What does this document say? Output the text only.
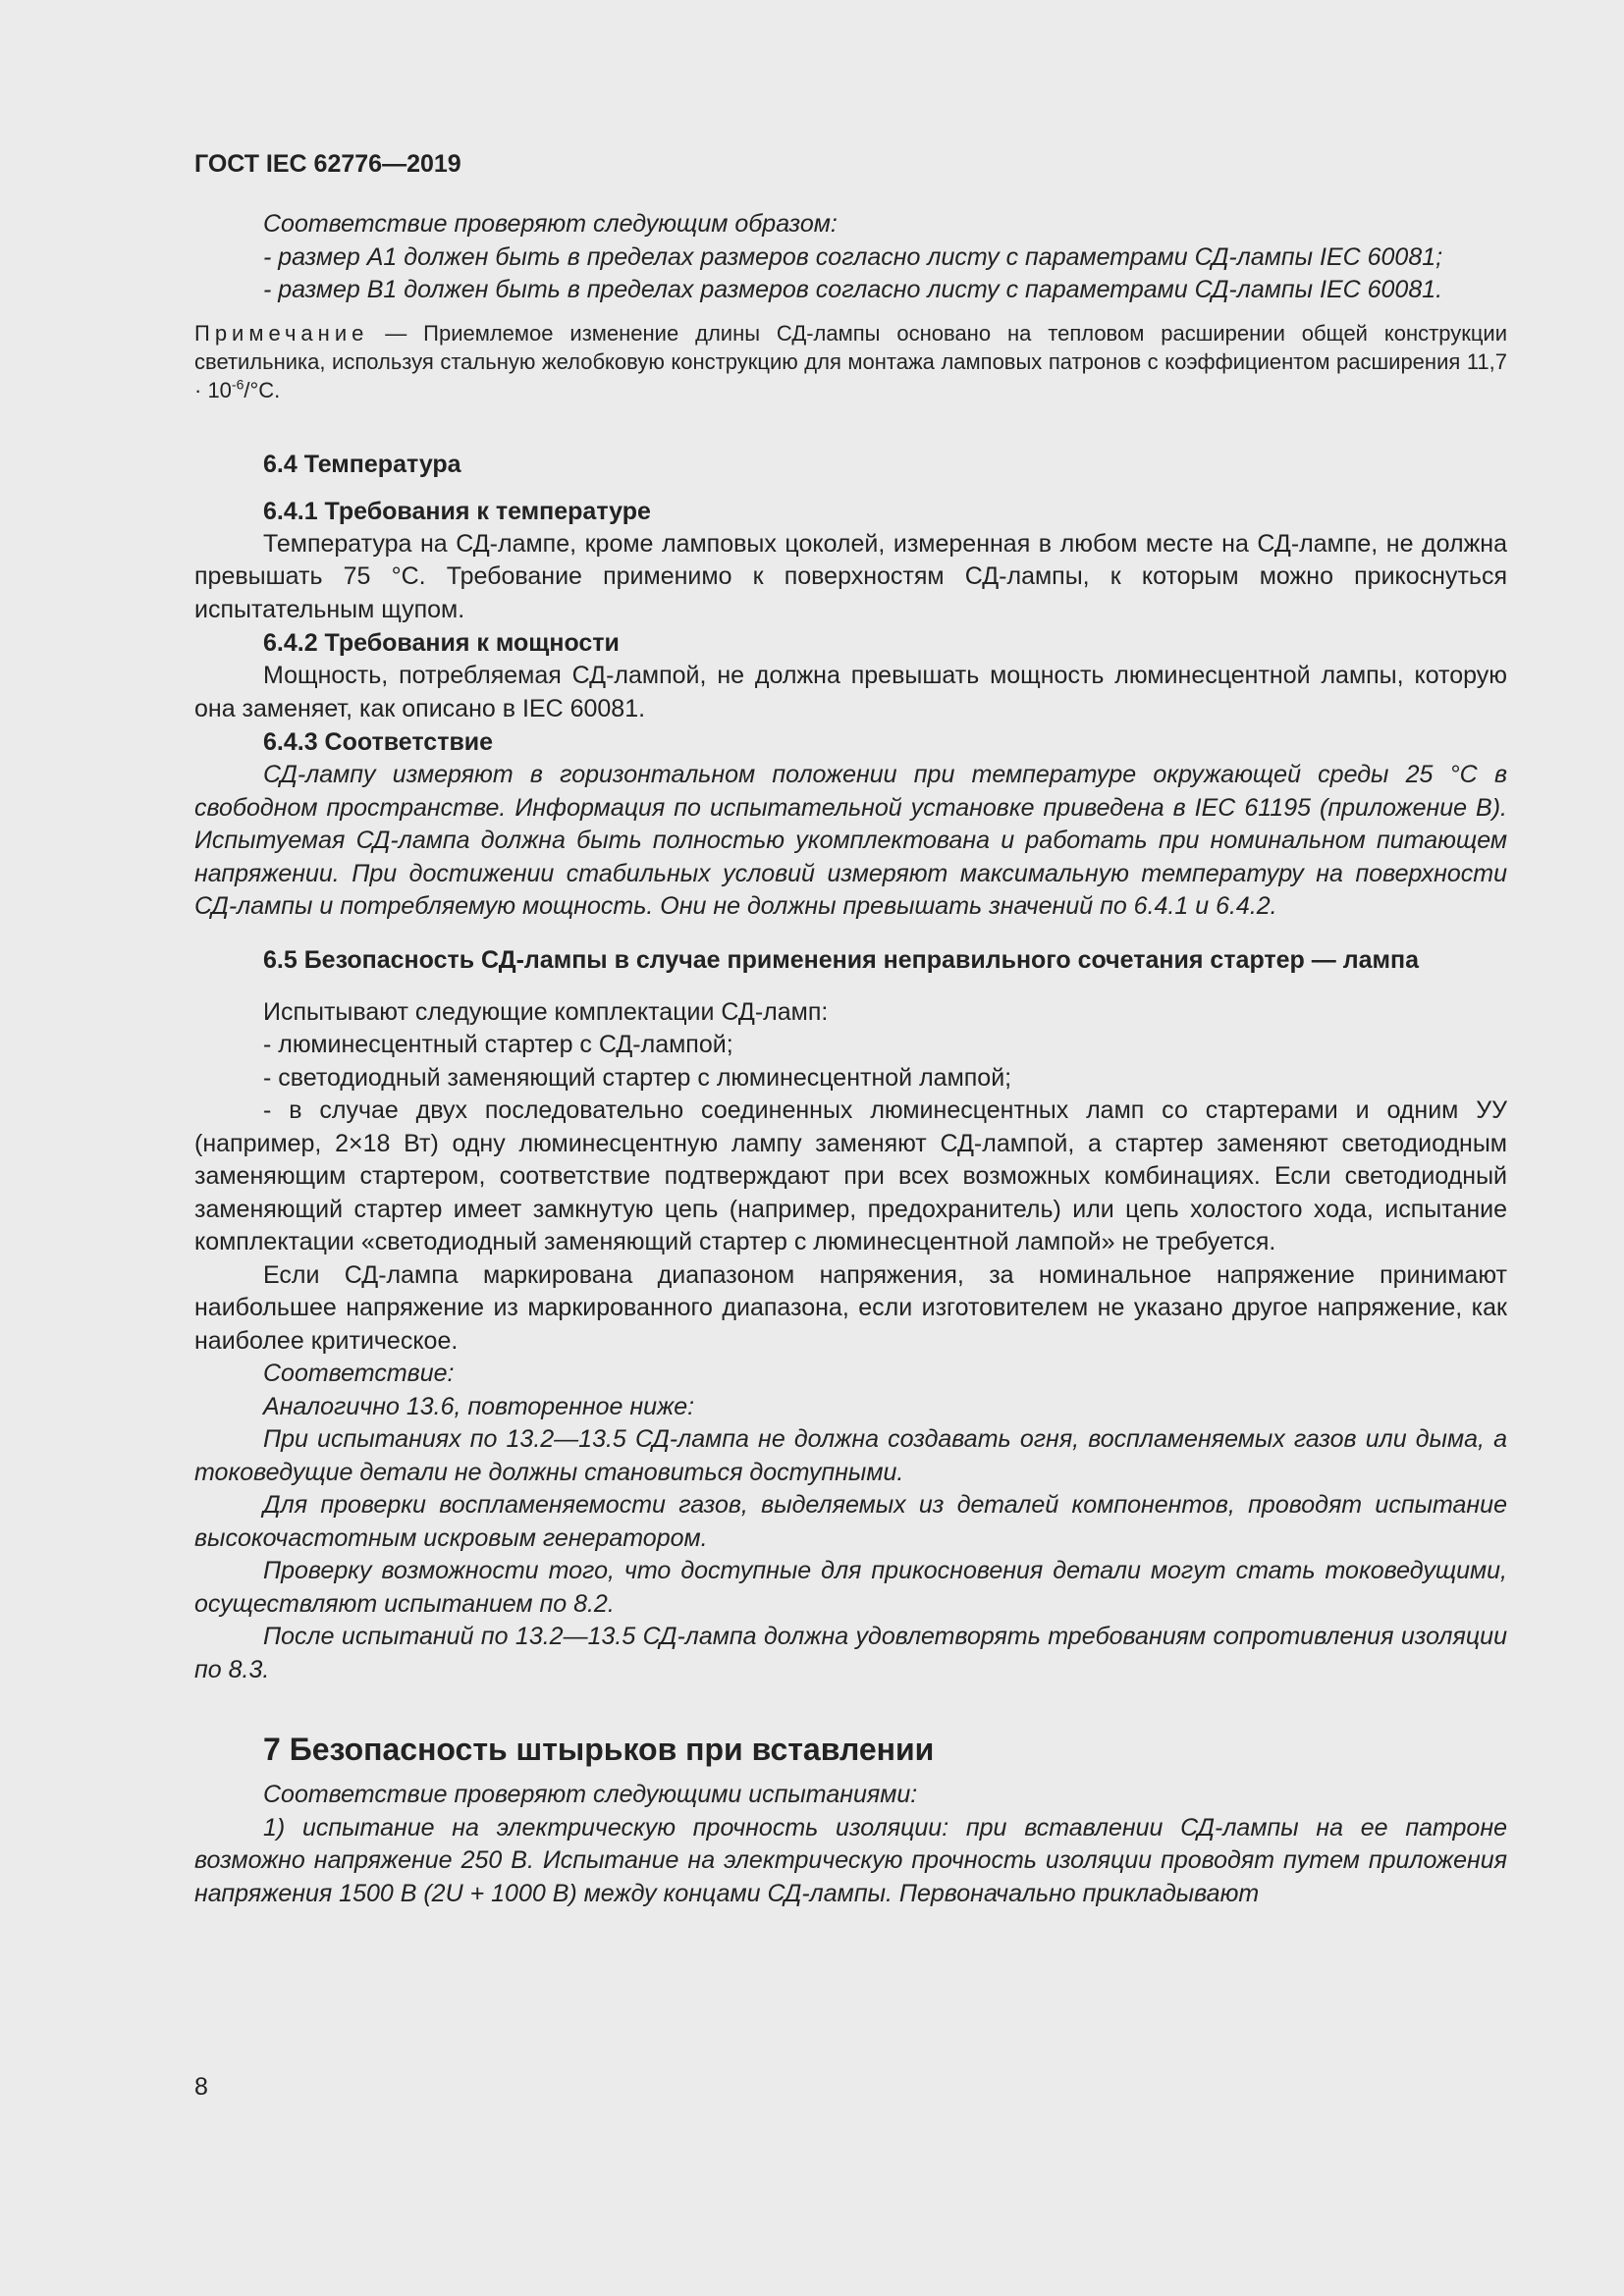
ГОСТ IEC 62776—2019

Соответствие проверяют следующим образом:

- размер A1 должен быть в пределах размеров согласно листу с параметрами СД-лампы IEC 60081;

- размер B1 должен быть в пределах размеров согласно листу с параметрами СД-лампы IEC 60081.

Примечание — Приемлемое изменение длины СД-лампы основано на тепловом расширении общей конструкции светильника, используя стальную желобковую конструкцию для монтажа ламповых патронов с коэффициентом расширения $11,7 \cdot 10^{-6}/^\circ C$.

6.4 Температура
6.4.1 Требования к температуре

Температура на СД-лампе, кроме ламповых цоколей, измеренная в любом месте на СД-лампе, не должна превышать 75 °C. Требование применимо к поверхностям СД-лампы, к которым можно прикоснуться испытательным щупом.

6.4.2 Требования к мощности

Мощность, потребляемая СД-лампой, не должна превышать мощность люминесцентной лампы, которую она заменяет, как описано в IEC 60081.

6.4.3 Соответствие

СД-лампу измеряют в горизонтальном положении при температуре окружающей среды 25 °C в свободном пространстве. Информация по испытательной установке приведена в IEC 61195 (приложение B). Испытуемая СД-лампа должна быть полностью укомплектована и работать при номинальном питающем напряжении. При достижении стабильных условий измеряют максимальную температуру на поверхности СД-лампы и потребляемую мощность. Они не должны превышать значений по 6.4.1 и 6.4.2.

6.5 Безопасность СД-лампы в случае применения неправильного сочетания стартер — лампа

Испытывают следующие комплектации СД-ламп:

- люминесцентный стартер с СД-лампой;

- светодиодный заменяющий стартер с люминесцентной лампой;

- в случае двух последовательно соединенных люминесцентных ламп со стартерами и одним УУ (например, 2×18 Вт) одну люминесцентную лампу заменяют СД-лампой, а стартер заменяют светодиодным заменяющим стартером, соответствие подтверждают при всех возможных комбинациях. Если светодиодный заменяющий стартер имеет замкнутую цепь (например, предохранитель) или цепь холостого хода, испытание комплектации «светодиодный заменяющий стартер с люминесцентной лампой» не требуется.

Если СД-лампа маркирована диапазоном напряжения, за номинальное напряжение принимают наибольшее напряжение из маркированного диапазона, если изготовителем не указано другое напряжение, как наиболее критическое.

Соответствие:

Аналогично 13.6, повторенное ниже:

При испытаниях по 13.2—13.5 СД-лампа не должна создавать огня, воспламеняемых газов или дыма, а токоведущие детали не должны становиться доступными.

Для проверки воспламеняемости газов, выделяемых из деталей компонентов, проводят испытание высокочастотным искровым генератором.

Проверку возможности того, что доступные для прикосновения детали могут стать токоведущими, осуществляют испытанием по 8.2.

После испытаний по 13.2—13.5 СД-лампа должна удовлетворять требованиям сопротивления изоляции по 8.3.

7 Безопасность штырьков при вставлении

Соответствие проверяют следующими испытаниями:

1) испытание на электрическую прочность изоляции: при вставлении СД-лампы на ее патроне возможно напряжение 250 В. Испытание на электрическую прочность изоляции проводят путем приложения напряжения 1500 В (2U + 1000 В) между концами СД-лампы. Первоначально прикладывают

8
